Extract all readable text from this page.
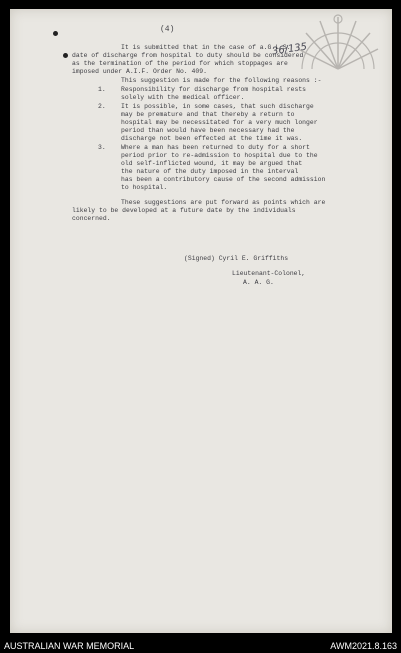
36/135
(4)
It is submitted that in the case of a.G.L.S.
date of discharge from hospital to duty should be considered
as the termination of the period for which stoppages are
imposed under A.I.F. Order No. 409.
This suggestion is made for the following reasons :-
1. Responsibility for discharge from hospital rests
solely with the medical officer.
2. It is possible, in some cases, that such discharge
may be premature and that thereby a return to
hospital may be necessitated for a very much longer
period than would have been necessary had the
discharge not been effected at the time it was.
3. Where a man has been returned to duty for a short
period prior to re-admission to hospital due to the
old self-inflicted wound, it may be argued that
the nature of the duty imposed in the interval
has been a contributory cause of the second admission
to hospital.
These suggestions are put forward as points which are
likely to be developed at a future date by the individuals
concerned.
(Signed) Cyril E. Griffiths
Lieutenant-Colonel,
A. A. G.
AUSTRALIAN WAR MEMORIAL	AWM2021.8.163
